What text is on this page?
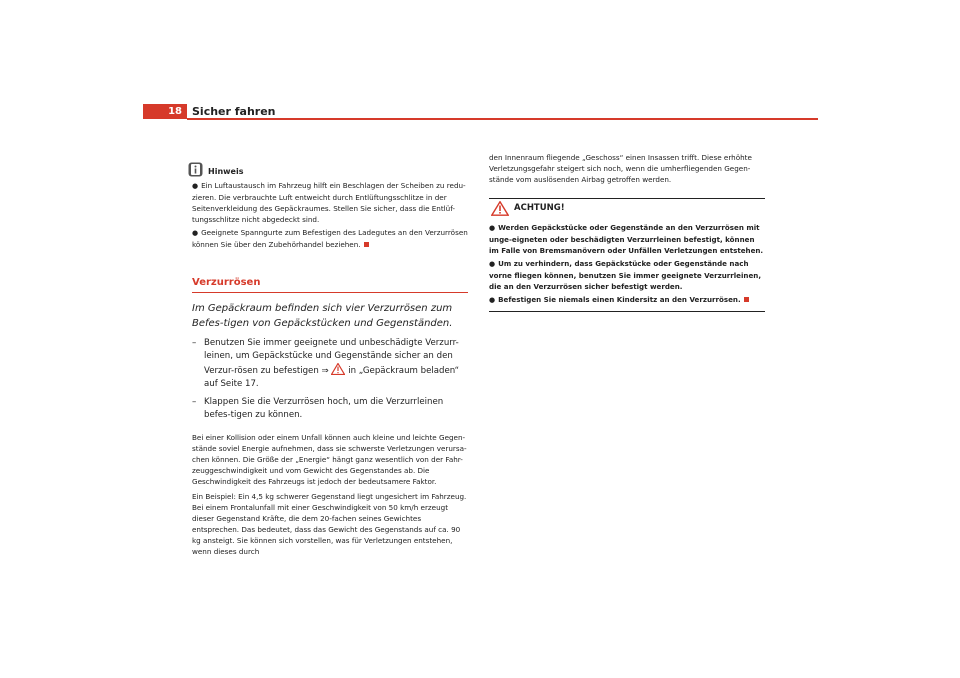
18 Sicher fahren
Hinweis
● Ein Luftaustausch im Fahrzeug hilft ein Beschlagen der Scheiben zu redu-zieren. Die verbrauchte Luft entweicht durch Entlüftungsschlitze in der Seitenverkleidung des Gepäckraumes. Stellen Sie sicher, dass die Entlüf-tungsschlitze nicht abgedeckt sind.
● Geeignete Spanngurte zum Befestigen des Ladegutes an den Verzurrösen können Sie über den Zubehörhandel beziehen.
Verzurrösen
Im Gepäckraum befinden sich vier Verzurrösen zum Befes-tigen von Gepäckstücken und Gegenständen.
– Benutzen Sie immer geeignete und unbeschädigte Verzurr-leinen, um Gepäckstücke und Gegenstände sicher an den Verzur-rösen zu befestigen ⇒ in „Gepäckraum beladen“ auf Seite 17.
– Klappen Sie die Verzurrösen hoch, um die Verzurrleinen befes-tigen zu können.
Bei einer Kollision oder einem Unfall können auch kleine und leichte Gegen-stände soviel Energie aufnehmen, dass sie schwerste Verletzungen verursa-chen können. Die Größe der „Energie“ hängt ganz wesentlich von der Fahr-zeuggeschwindigkeit und vom Gewicht des Gegenstandes ab. Die Geschwindigkeit des Fahrzeugs ist jedoch der bedeutsamere Faktor.
Ein Beispiel: Ein 4,5 kg schwerer Gegenstand liegt ungesichert im Fahrzeug. Bei einem Frontalunfall mit einer Geschwindigkeit von 50 km/h erzeugt dieser Gegenstand Kräfte, die dem 20-fachen seines Gewichtes entsprechen. Das bedeutet, dass das Gewicht des Gegenstands auf ca. 90 kg ansteigt. Sie können sich vorstellen, was für Verletzungen entstehen, wenn dieses durch
den Innenraum fliegende „Geschoss“ einen Insassen trifft. Diese erhöhte Verletzungsgefahr steigert sich noch, wenn die umherfliegenden Gegen-stände vom auslösenden Airbag getroffen werden.
ACHTUNG!
● Werden Gepäckstücke oder Gegenstände an den Verzurrösen mit unge-eigneten oder beschädigten Verzurrleinen befestigt, können im Falle von Bremsmanövern oder Unfällen Verletzungen entstehen.
● Um zu verhindern, dass Gepäckstücke oder Gegenstände nach vorne fliegen können, benutzen Sie immer geeignete Verzurrleinen, die an den Verzurrösen sicher befestigt werden.
● Befestigen Sie niemals einen Kindersitz an den Verzurrösen.
